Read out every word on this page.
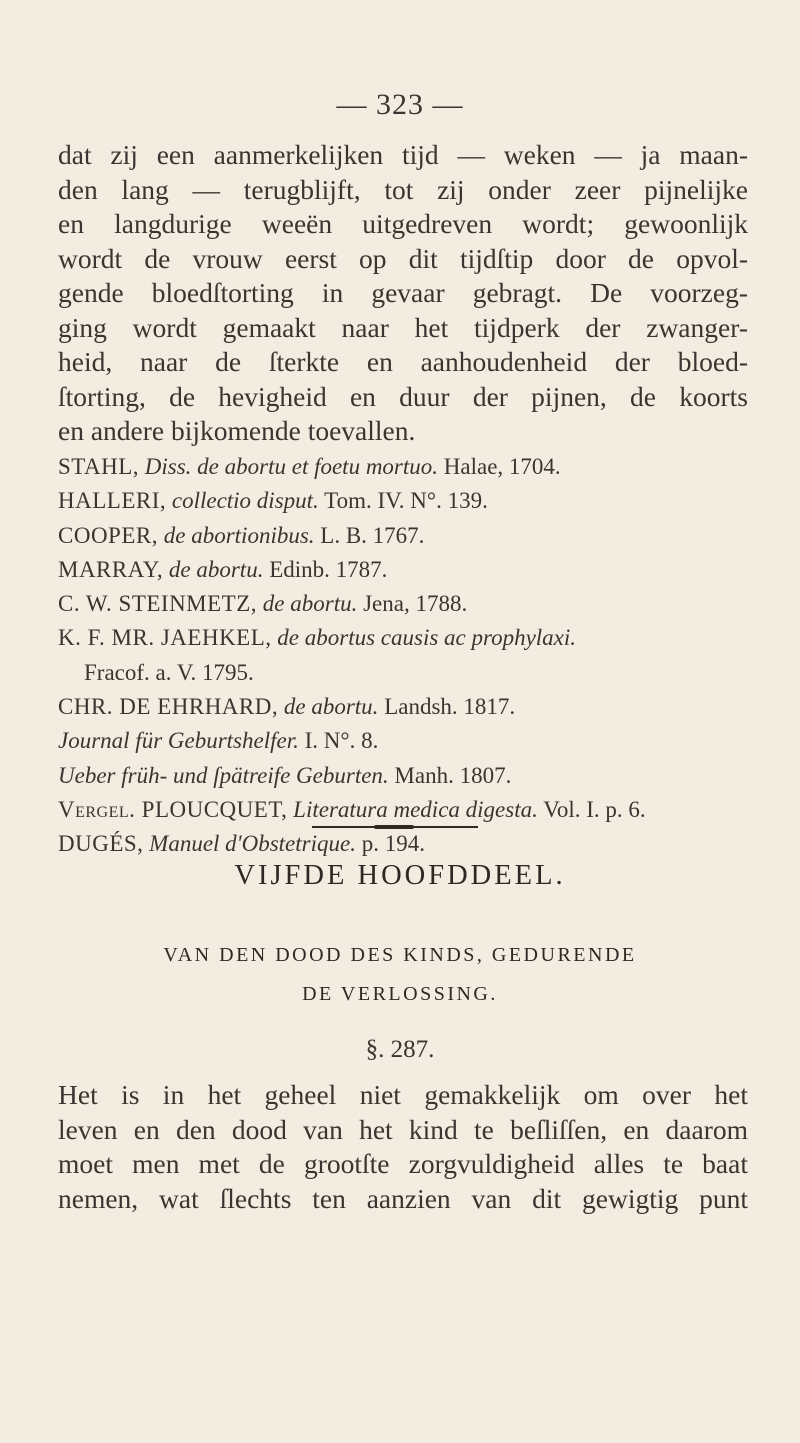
— 323 —
dat zij een aanmerkelijken tijd — weken — ja maan-
den lang — terugblijft, tot zij onder zeer pijnelijke
en langdurige weeën uitgedreven wordt; gewoonlijk
wordt de vrouw eerst op dit tijdſtip door de opvol-
gende bloedſtorting in gevaar gebragt. De voorzeg-
ging wordt gemaakt naar het tijdperk der zwanger-
heid, naar de ſterkte en aanhoudenheid der bloed-
ſtorting, de hevigheid en duur der pijnen, de koorts
en andere bijkomende toevallen.
STAHL, Diss. de abortu et foetu mortuo. Halae, 1704.
HALLERI, collectio disput. Tom. IV. N°. 139.
COOPER, de abortionibus. L. B. 1767.
MARRAY, de abortu. Edinb. 1787.
C. W. STEINMETZ, de abortu. Jena, 1788.
K. F. MR. JAEHKEL, de abortus causis ac prophylaxi.
Fracof. a. V. 1795.
CHR. DE EHRHARD, de abortu. Landsh. 1817.
Journal für Geburtshelfer. I. N°. 8.
Ueber früh- und ſpätreife Geburten. Manh. 1807.
Vergel. PLOUCQUET, Literatura medica digesta. Vol. I. p. 6.
DUGÉS, Manuel d'Obstetrique. p. 194.
VIJFDE HOOFDDEEL.
VAN DEN DOOD DES KINDS, GEDURENDE
DE VERLOSSING.
§. 287.
Het is in het geheel niet gemakkelijk om over het
leven en den dood van het kind te beſliſſen, en daarom
moet men met de grootſte zorgvuldigheid alles te baat
nemen, wat ſlechts ten aanzien van dit gewigtig punt
